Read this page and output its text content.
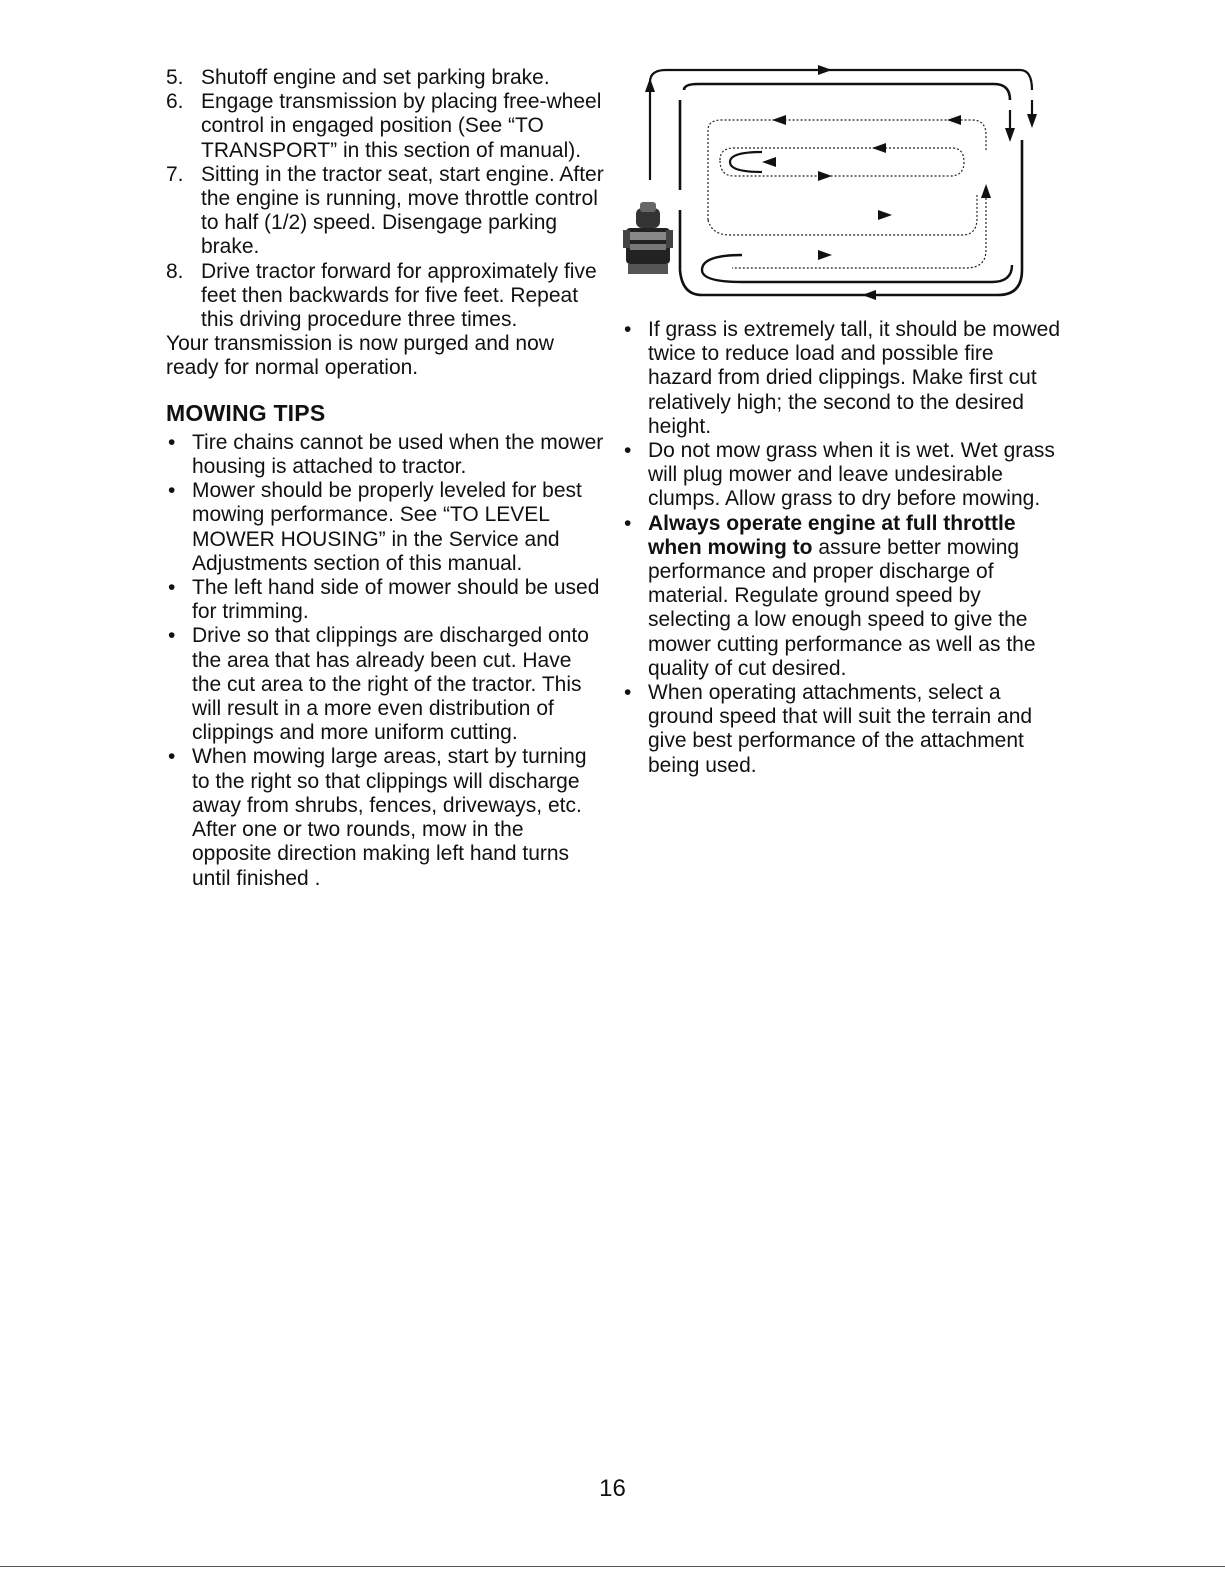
5. Shutoff engine and set parking brake.
6. Engage transmission by placing free-wheel control in engaged position (See “TO TRANSPORT” in this section of manual).
7. Sitting in the tractor seat, start engine. After the engine is running, move throttle control to half (1/2) speed. Disengage parking brake.
8. Drive tractor forward for approximately five feet then backwards for five feet. Repeat this driving procedure three times.

Your transmission is now purged and now ready for normal operation.

MOWING TIPS
• Tire chains cannot be used when the mower housing is attached to tractor.
• Mower should be properly leveled for best mowing performance. See “TO LEVEL MOWER HOUSING” in the Service and Adjustments section of this manual.
• The left hand side of mower should be used for trimming.
• Drive so that clippings are discharged onto the area that has already been cut. Have the cut area to the right of the tractor. This will result in a more even distribution of clippings and more uniform cutting.
• When mowing large areas, start by turning to the right so that clippings will discharge away from shrubs, fences, driveways, etc. After one or two rounds, mow in the opposite direction making left hand turns until finished .
• If grass is extremely tall, it should be mowed twice to reduce load and possible fire hazard from dried clippings. Make first cut relatively high; the second to the desired height.
• Do not mow grass when it is wet. Wet grass will plug mower and leave undesirable clumps. Allow grass to dry before mowing.
• Always operate engine at full throttle when mowing to assure better mowing performance and proper discharge of material. Regulate ground speed by selecting a low enough speed to give the mower cutting performance as well as the quality of cut desired.
• When operating attachments, select a ground speed that will suit the terrain and give best performance of the attachment being used.
16
